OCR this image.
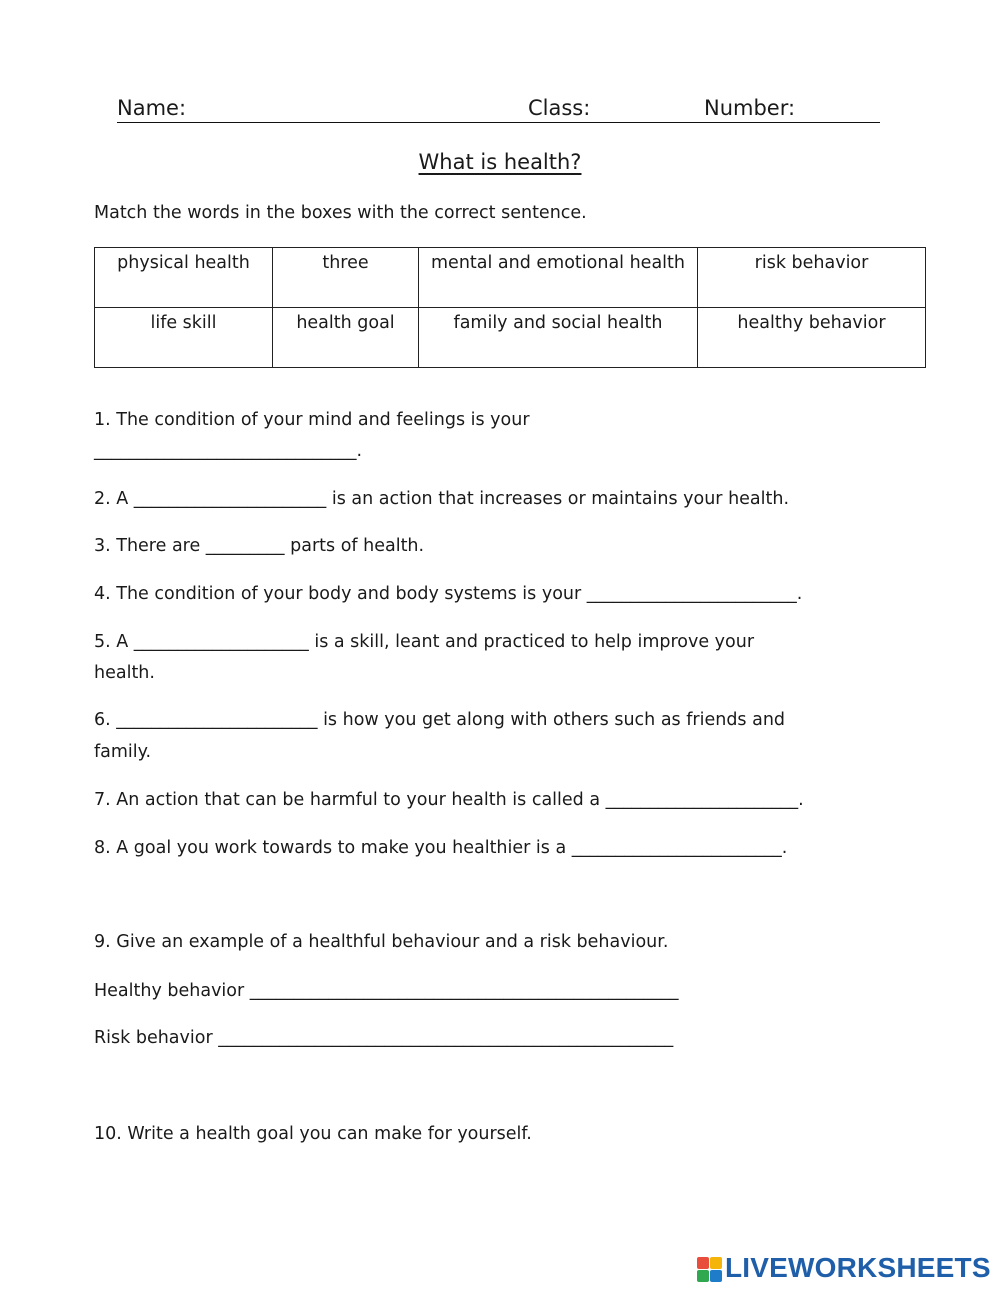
Name:	Class:	Number:
What is health?
Match the words in the boxes with the correct sentence.
physical health	three	mental and emotional health	risk behavior
life skill	health goal	family and social health	healthy behavior
1. The condition of your mind and feelings is your
______________________________.
2. A ______________________ is an action that increases or maintains your health.
3. There are _________ parts of health.
4. The condition of your body and body systems is your ________________________.
5. A ____________________ is a skill, leant and practiced to help improve your
health.
6. _______________________ is how you get along with others such as friends and
family.
7. An action that can be harmful to your health is called a ______________________.
8. A goal you work towards to make you healthier is a ________________________.
9. Give an example of a healthful behaviour and a risk behaviour.
Healthy behavior _________________________________________________
Risk behavior ____________________________________________________
10. Write a health goal you can make for yourself.
LIVEWORKSHEETS
